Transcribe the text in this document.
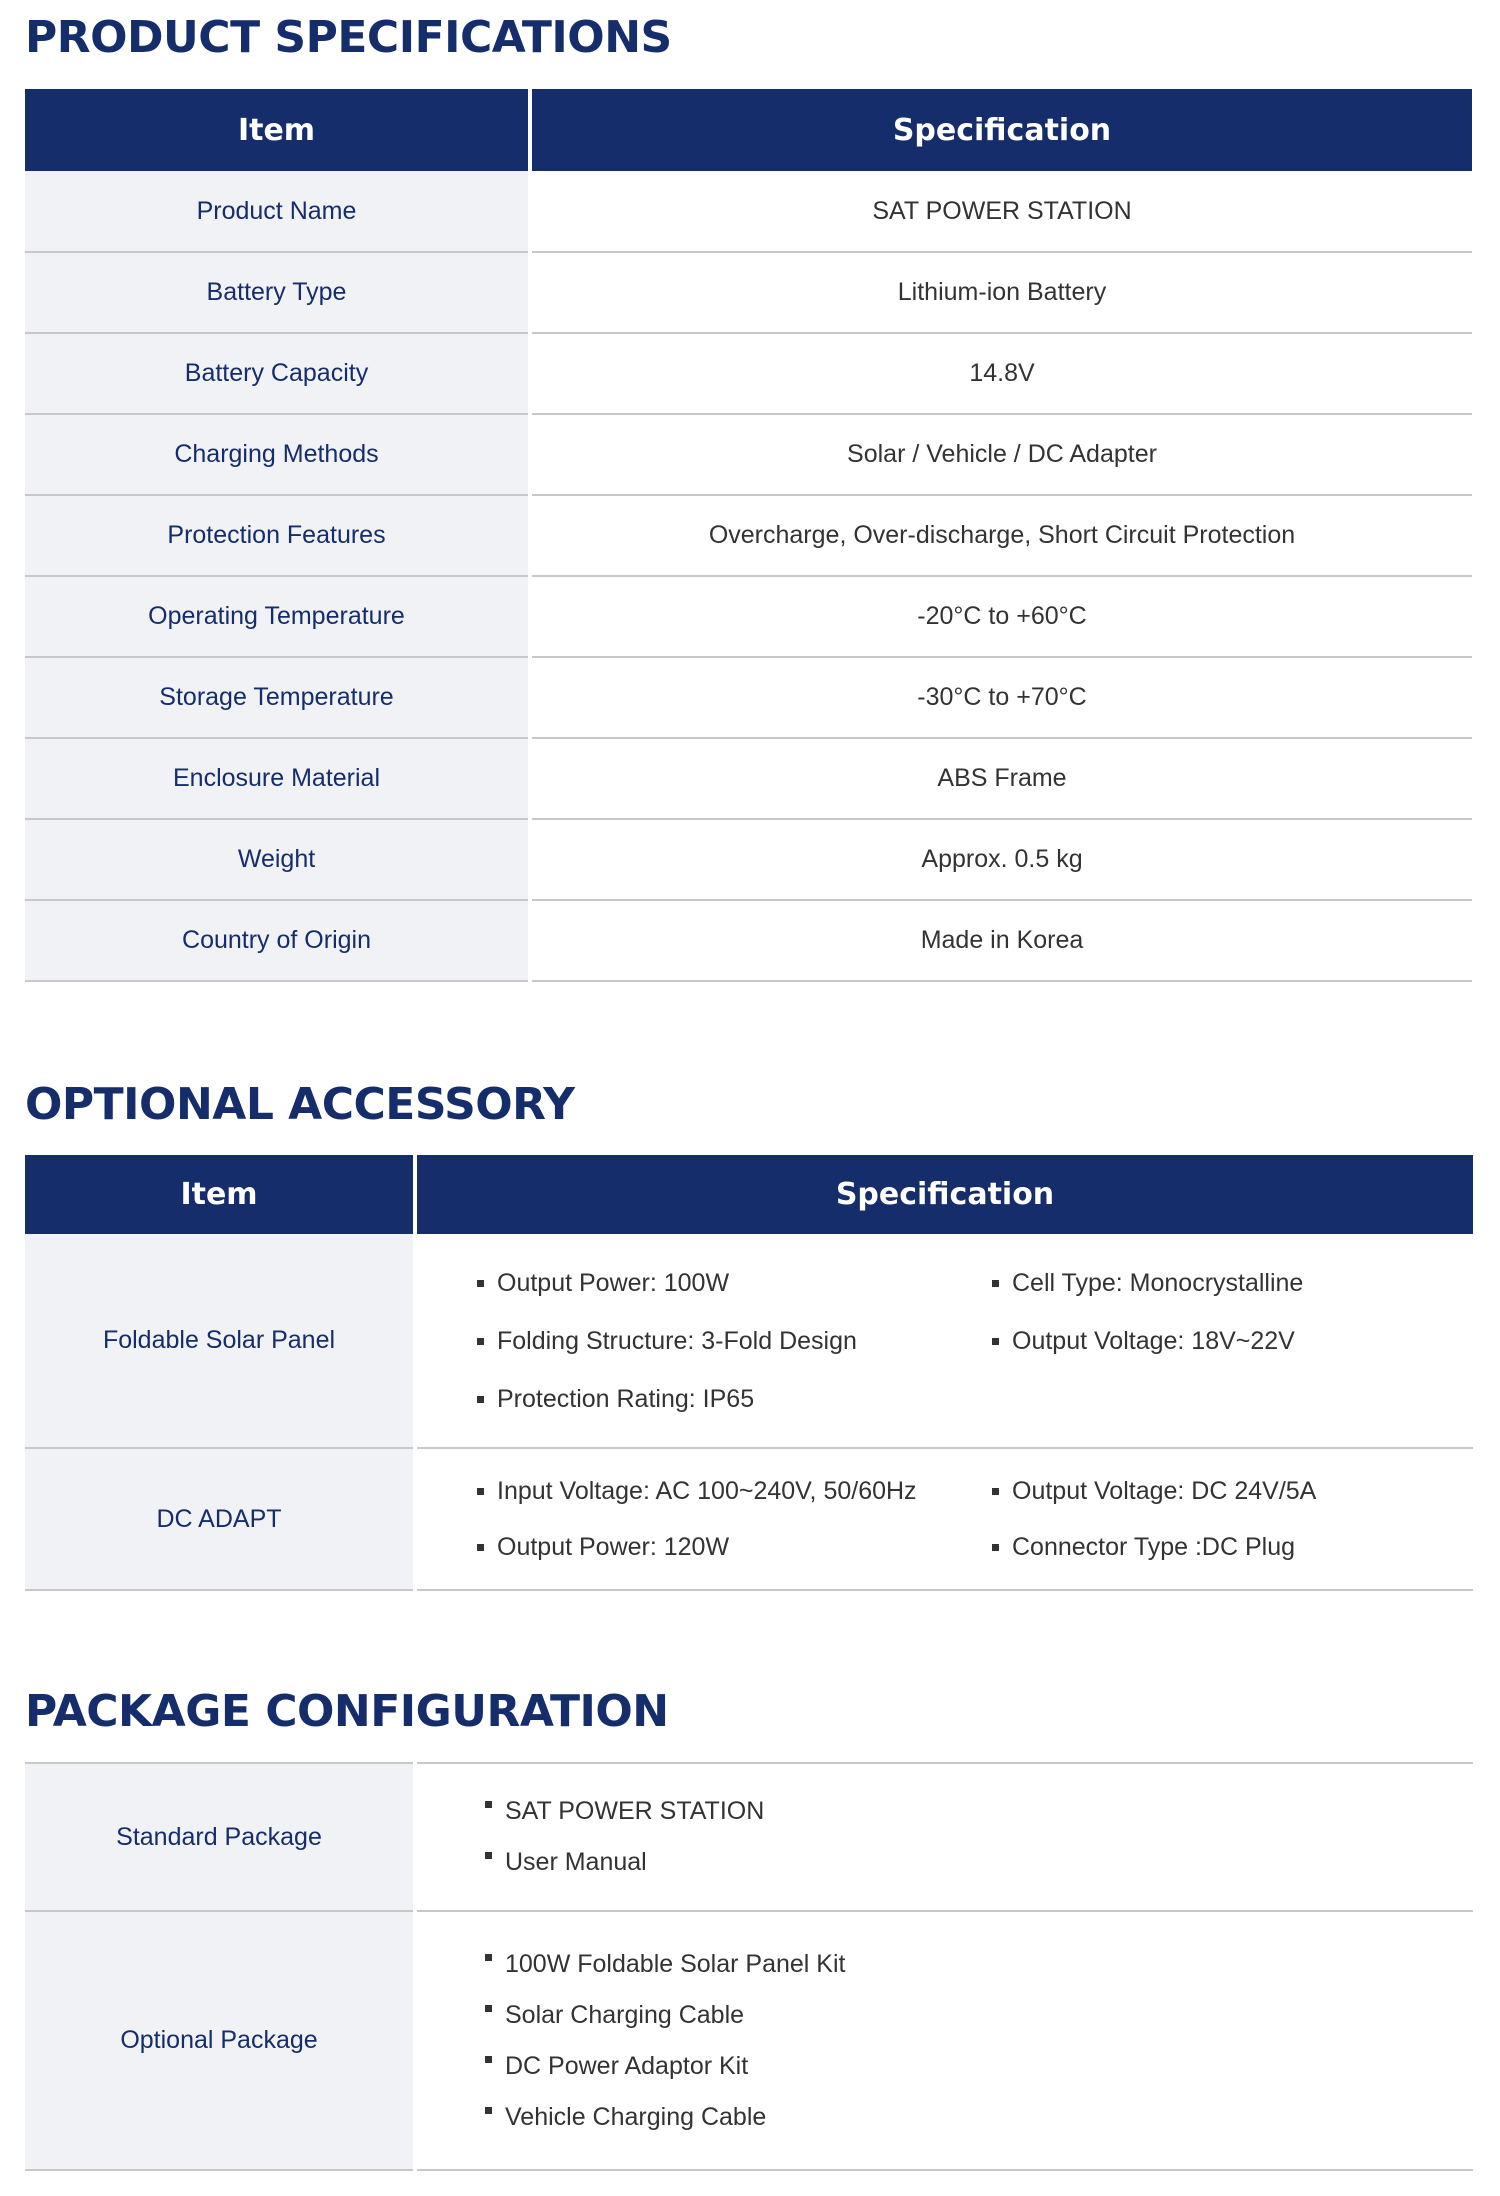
PRODUCT SPECIFICATIONS
Item	Specification
Product Name	SAT POWER STATION
Battery Type	Lithium-ion Battery
Battery Capacity	14.8V
Charging Methods	Solar / Vehicle / DC Adapter
Protection Features	Overcharge, Over-discharge, Short Circuit Protection
Operating Temperature	-20°C to +60°C
Storage Temperature	-30°C to +70°C
Enclosure Material	ABS Frame
Weight	Approx. 0.5 kg
Country of Origin	Made in Korea
OPTIONAL ACCESSORY
Item	Specification
Foldable Solar Panel	Output Power: 100W Cell Type: Monocrystalline
Folding Structure: 3-Fold Design Output Voltage: 18V~22V
Protection Rating: IP65

DC ADAPT	Input Voltage: AC 100~240V, 50/60Hz Output Voltage: DC 24V/5A
Output Power: 120W Connector Type :DC Plug
PACKAGE CONFIGURATION
Standard Package	SAT POWER STATION
User Manual

Optional Package	100W Foldable Solar Panel Kit
Solar Charging Cable
DC Power Adaptor Kit
Vehicle Charging Cable
